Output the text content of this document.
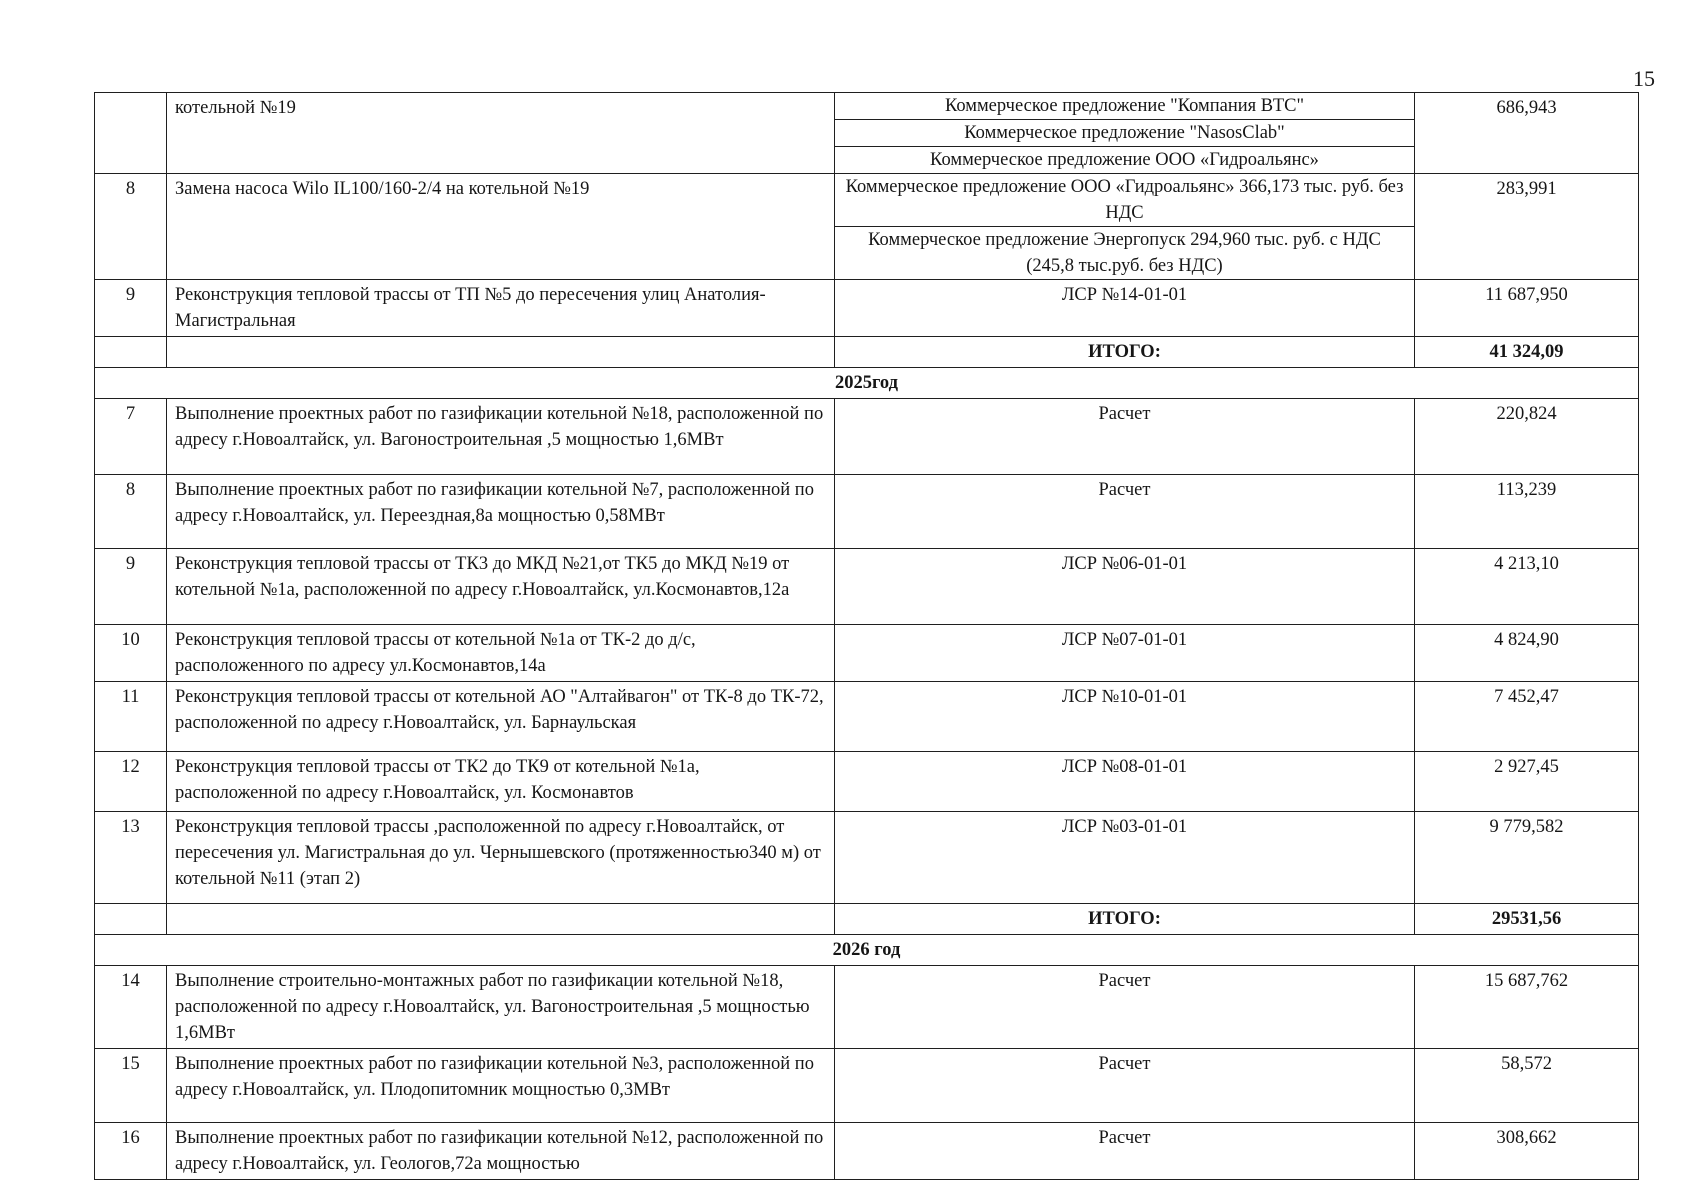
15
	котельной №19	Коммерческое предложение "Компания ВТС"
Коммерческое предложение "NasosClab"
Коммерческое предложение ООО «Гидроальянс»	686,943
8	Замена насоса Wilo IL100/160-2/4 на котельной №19	Коммерческое предложение ООО «Гидроальянс» 366,173 тыс. руб. без НДС
Коммерческое предложение Энергопуск 294,960 тыс. руб. с НДС (245,8 тыс.руб. без НДС)	283,991
9	Реконструкция тепловой трассы от ТП №5 до пересечения улиц Анатолия-Магистральная	ЛСР №14-01-01	11 687,950
		ИТОГО:	41 324,09
2025год			
7	Выполнение проектных работ по газификации котельной №18, расположенной по адресу г.Новоалтайск, ул. Вагоностроительная ,5 мощностью 1,6МВт	Расчет	220,824
8	Выполнение проектных работ по газификации котельной №7, расположенной по адресу г.Новоалтайск, ул. Переездная,8а мощностью 0,58МВт	Расчет	113,239
9	Реконструкция тепловой трассы от ТК3 до МКД №21,от ТК5 до МКД №19 от котельной №1а, расположенной по адресу г.Новоалтайск, ул.Космонавтов,12а	ЛСР №06-01-01	4 213,10
10	Реконструкция тепловой трассы от котельной №1а от ТК-2 до д/с, расположенного по адресу ул.Космонавтов,14а	ЛСР №07-01-01	4 824,90
11	Реконструкция тепловой трассы от котельной АО "Алтайвагон" от ТК-8 до ТК-72, расположенной по адресу г.Новоалтайск, ул. Барнаульская	ЛСР №10-01-01	7 452,47
12	Реконструкция тепловой трассы от ТК2 до ТК9 от котельной №1а, расположенной по адресу г.Новоалтайск, ул. Космонавтов	ЛСР №08-01-01	2 927,45
13	Реконструкция тепловой трассы ,расположенной по адресу г.Новоалтайск, от пересечения ул. Магистральная до ул. Чернышевского (протяженностью340 м) от котельной №11 (этап 2)	ЛСР №03-01-01	9 779,582
		ИТОГО:	29531,56
2026 год			
14	Выполнение строительно-монтажных работ по газификации котельной №18, расположенной по адресу г.Новоалтайск, ул. Вагоностроительная ,5 мощностью 1,6МВт	Расчет	15 687,762
15	Выполнение проектных работ по газификации котельной №3, расположенной по адресу г.Новоалтайск, ул. Плодопитомник мощностью 0,3МВт	Расчет	58,572
16	Выполнение проектных работ по газификации котельной №12, расположенной по адресу г.Новоалтайск, ул. Геологов,72а мощностью	Расчет	308,662
